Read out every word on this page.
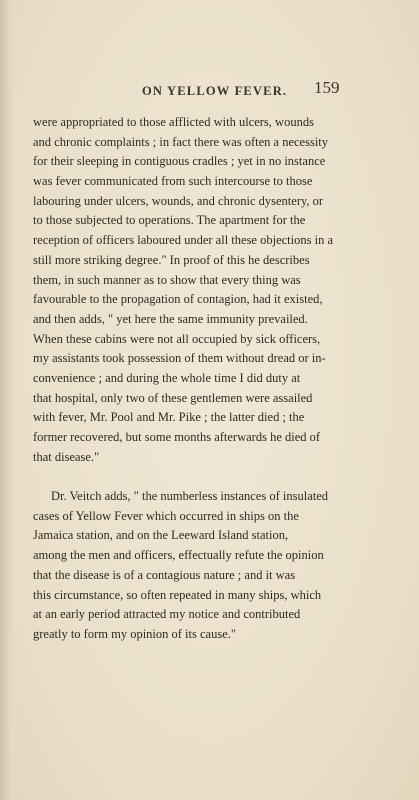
ON YELLOW FEVER. 159
were appropriated to those afflicted with ulcers, wounds
and chronic complaints ; in fact there was often a necessity
for their sleeping in contiguous cradles ; yet in no instance
was fever communicated from such intercourse to those
labouring under ulcers, wounds, and chronic dysentery, or
to those subjected to operations. The apartment for the
reception of officers laboured under all these objections in a
still more striking degree." In proof of this he describes
them, in such manner as to show that every thing was
favourable to the propagation of contagion, had it existed,
and then adds, " yet here the same immunity prevailed.
When these cabins were not all occupied by sick officers,
my assistants took possession of them without dread or in-
convenience ; and during the whole time I did duty at
that hospital, only two of these gentlemen were assailed
with fever, Mr. Pool and Mr. Pike ; the latter died ; the
former recovered, but some months afterwards he died of
that disease."
Dr. Veitch adds, " the numberless instances of insulated
cases of Yellow Fever which occurred in ships on the
Jamaica station, and on the Leeward Island station,
among the men and officers, effectually refute the opinion
that the disease is of a contagious nature ; and it was
this circumstance, so often repeated in many ships, which
at an early period attracted my notice and contributed
greatly to form my opinion of its cause."
